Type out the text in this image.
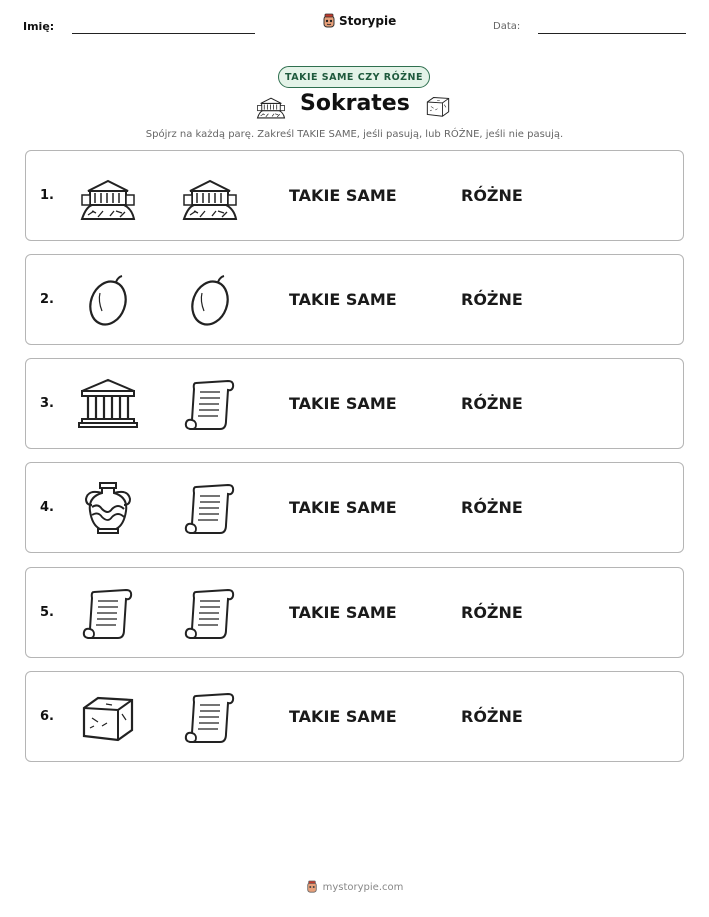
Imię:	Storypie	Data:
TAKIE SAME CZY RÓŻNE
Sokrates
Spójrz na każdą parę. Zakreśl TAKIE SAME, jeśli pasują, lub RÓŻNE, jeśli nie pasują.
1.	TAKIE SAME	RÓŻNE
2.	TAKIE SAME	RÓŻNE
3.	TAKIE SAME	RÓŻNE
4.	TAKIE SAME	RÓŻNE
5.	TAKIE SAME	RÓŻNE
6.	TAKIE SAME	RÓŻNE
mystorypie.com
